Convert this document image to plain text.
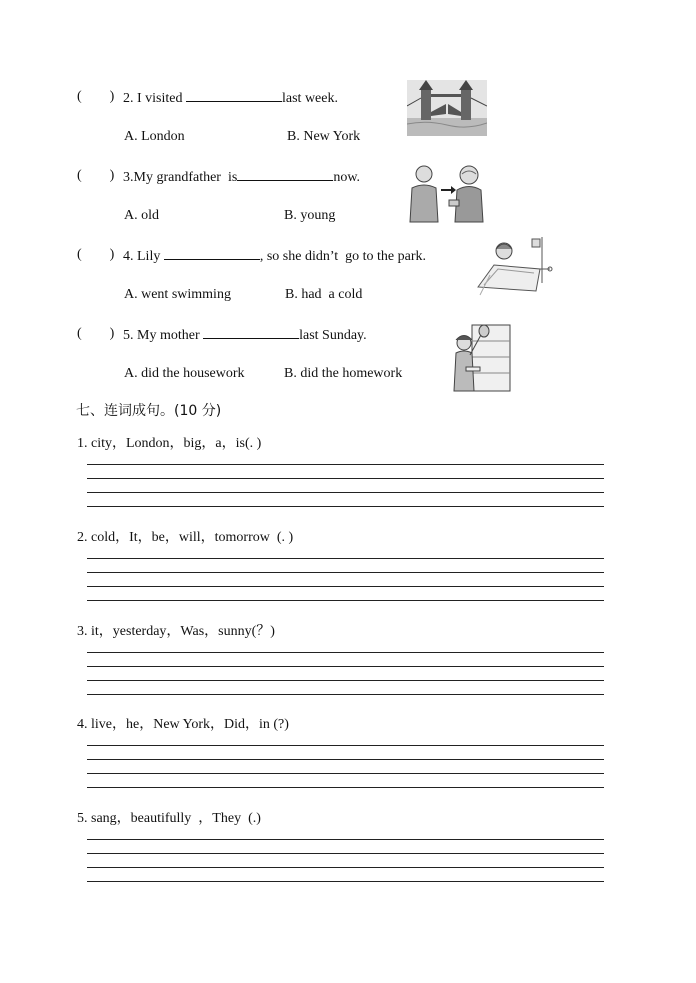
(        ) 2. I visited	last week.
A. London	B. New York
(        ) 3.My grandfather  is	now.
A. old	B. young
(        ) 4. Lily	, so she didn’t  go to the park.
A. went swimming	B. had  a cold
(        ) 5. My mother	last Sunday.
A. did the housework	B. did the homework
七、连词成句。(10 分)
1. city，London，big，a，is(. )
2. cold，It，be，will，tomorrow  (. )
3. it，yesterday，Was，sunny(？)
4. live，he，New York，Did，in (?)
5. sang，beautifully  ，They  (.)
